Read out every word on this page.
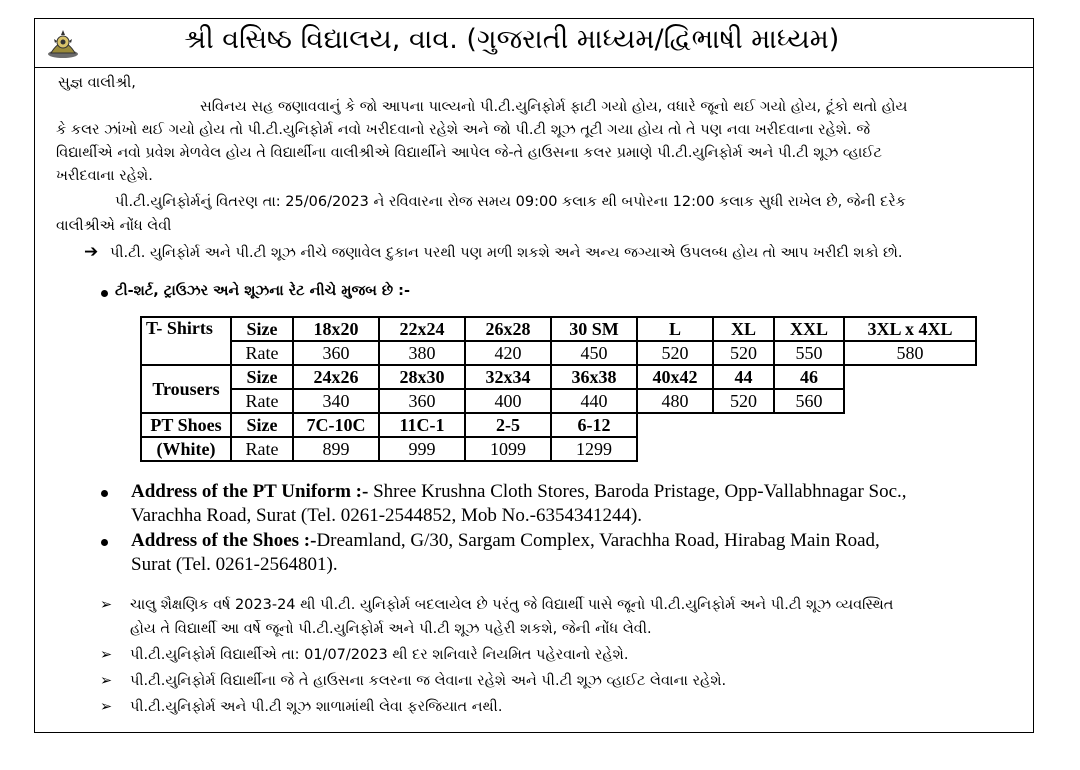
શ્રી વસિષ્ઠ વિદ્યાલય, વાવ. (ગુજરાતી માધ્યમ/દ્વિભાષી માધ્યમ)
સુજ્ઞ વાલીશ્રી,
સવિનય સહ જણાવવાનું કે જો આપના પાલ્યનો પી.ટી.યુનિફોર્મ ફાટી ગયો હોય, વધારે જૂનો થઈ ગયો હોય, ટૂંકો થતો હોય
કે કલર ઝાંખો થઈ ગયો હોય તો પી.ટી.યુનિફોર્મ નવો ખરીદવાનો રહેશે અને જો પી.ટી શૂઝ તૂટી ગયા હોય તો તે પણ નવા ખરીદવાના રહેશે. જે
વિદ્યાર્થીએ નવો પ્રવેશ મેળવેલ હોય તે વિદ્યાર્થીના વાલીશ્રીએ વિદ્યાર્થીને આપેલ જે-તે હાઉસના કલર પ્રમાણે પી.ટી.યુનિફોર્મ અને પી.ટી શૂઝ વ્હાઈટ
ખરીદવાના રહેશે.
પી.ટી.યુનિફોર્મનું વિતરણ તા: 25/06/2023 ને રવિવારના રોજ સમય 09:00 કલાક થી બપોરના 12:00 કલાક સુધી રાખેલ છે, જેની દરેક
વાલીશ્રીએ નોંધ લેવી
➔ પી.ટી. યુનિફોર્મ અને પી.ટી શૂઝ નીચે જણાવેલ દુકાન પરથી પણ મળી શકશે અને અન્ય જગ્યાએ ઉપલબ્ધ હોય તો આપ ખરીદી શકો છો.
ટી-શર્ટ, ટ્રાઉઝર અને શૂઝના રેટ નીચે મુજબ છે :-
T- Shirts	Size	18x20	22x24	26x28	30 SM	L	XL	XXL	3XL x 4XL
	Rate	360	380	420	450	520	520	550	580
Trousers	Size	24x26	28x30	32x34	36x38	40x42	44	46	
	Rate	340	360	400	440	480	520	560	
PT Shoes	Size	7C-10C	11C-1	2-5	6-12				
(White)	Rate	899	999	1099	1299				
Address of the PT Uniform :- Shree Krushna Cloth Stores, Baroda Pristage, Opp-Vallabhnagar Soc.,
Varachha Road, Surat (Tel. 0261-2544852, Mob No.-6354341244).
Address of the Shoes :-Dreamland, G/30, Sargam Complex, Varachha Road, Hirabag Main Road,
Surat (Tel. 0261-2564801).
➢ ચાલુ શૈક્ષણિક વર્ષ 2023-24 થી પી.ટી. યુનિફોર્મ બદલાયેલ છે પરંતુ જે વિદ્યાર્થી પાસે જૂનો પી.ટી.યુનિફોર્મ અને પી.ટી શૂઝ વ્યવસ્થિત
હોય તે વિદ્યાર્થી આ વર્ષે જૂનો પી.ટી.યુનિફોર્મ અને પી.ટી શૂઝ પહેરી શકશે, જેની નોંધ લેવી.
➢ પી.ટી.યુનિફોર્મ વિદ્યાર્થીએ તા: 01/07/2023 થી દર શનિવારે નિયમિત પહેરવાનો રહેશે.
➢ પી.ટી.યુનિફોર્મ વિદ્યાર્થીના જે તે હાઉસના કલરના જ લેવાના રહેશે અને પી.ટી શૂઝ વ્હાઈટ લેવાના રહેશે.
➢ પી.ટી.યુનિફોર્મ અને પી.ટી શૂઝ શાળામાંથી લેવા ફરજિયાત નથી.
